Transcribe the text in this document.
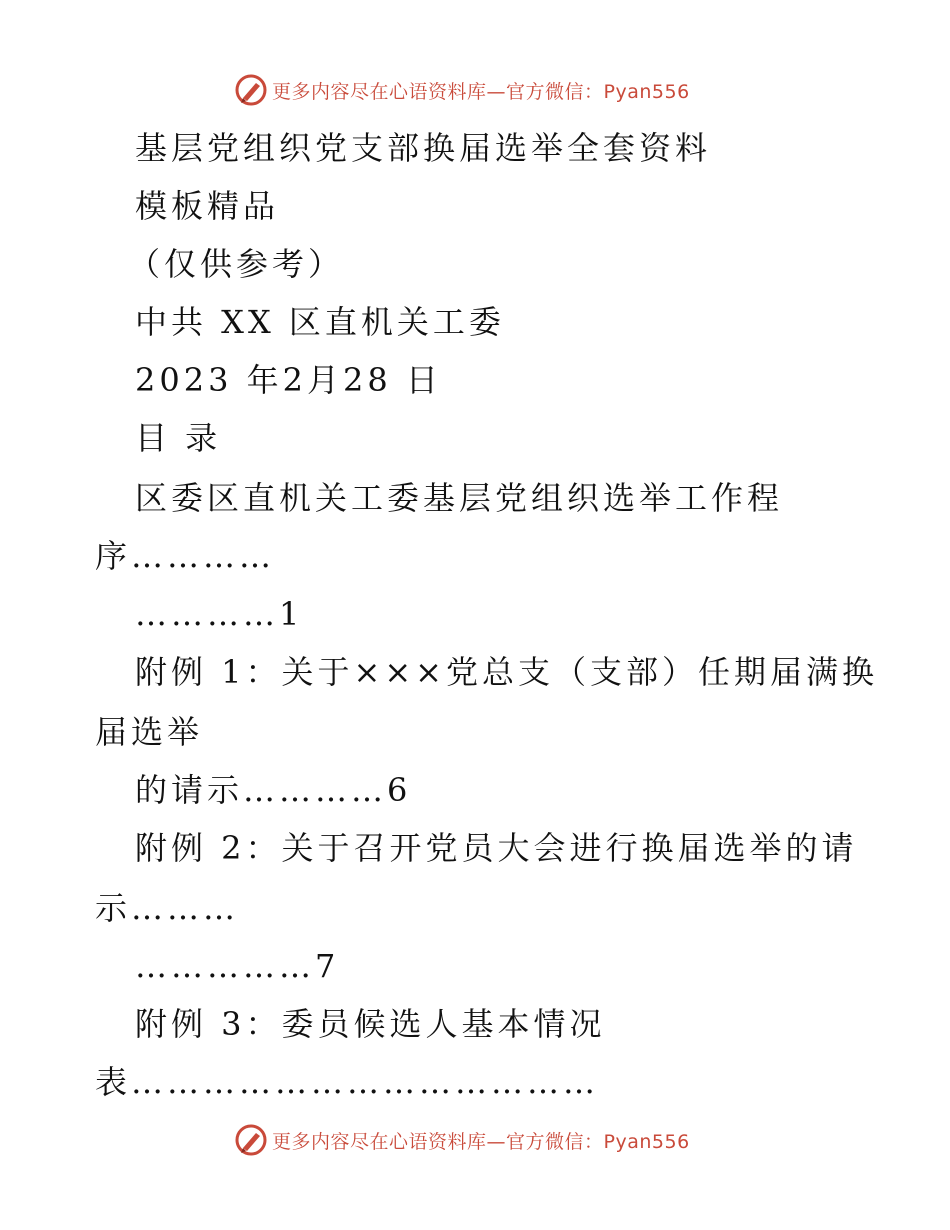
更多内容尽在心语资料库—官方微信：Pyan556
基层党组织党支部换届选举全套资料
模板精品
（仅供参考）
中共 XX 区直机关工委
2023 年2月28 日
目 录
区委区直机关工委基层党组织选举工作程
序…………
…………1
附例 1：关于×××党总支（支部）任期届满换
届选举
的请示…………6
附例 2：关于召开党员大会进行换届选举的请
示………
……………7
附例 3：委员候选人基本情况
表…………………………………
更多内容尽在心语资料库—官方微信：Pyan556
